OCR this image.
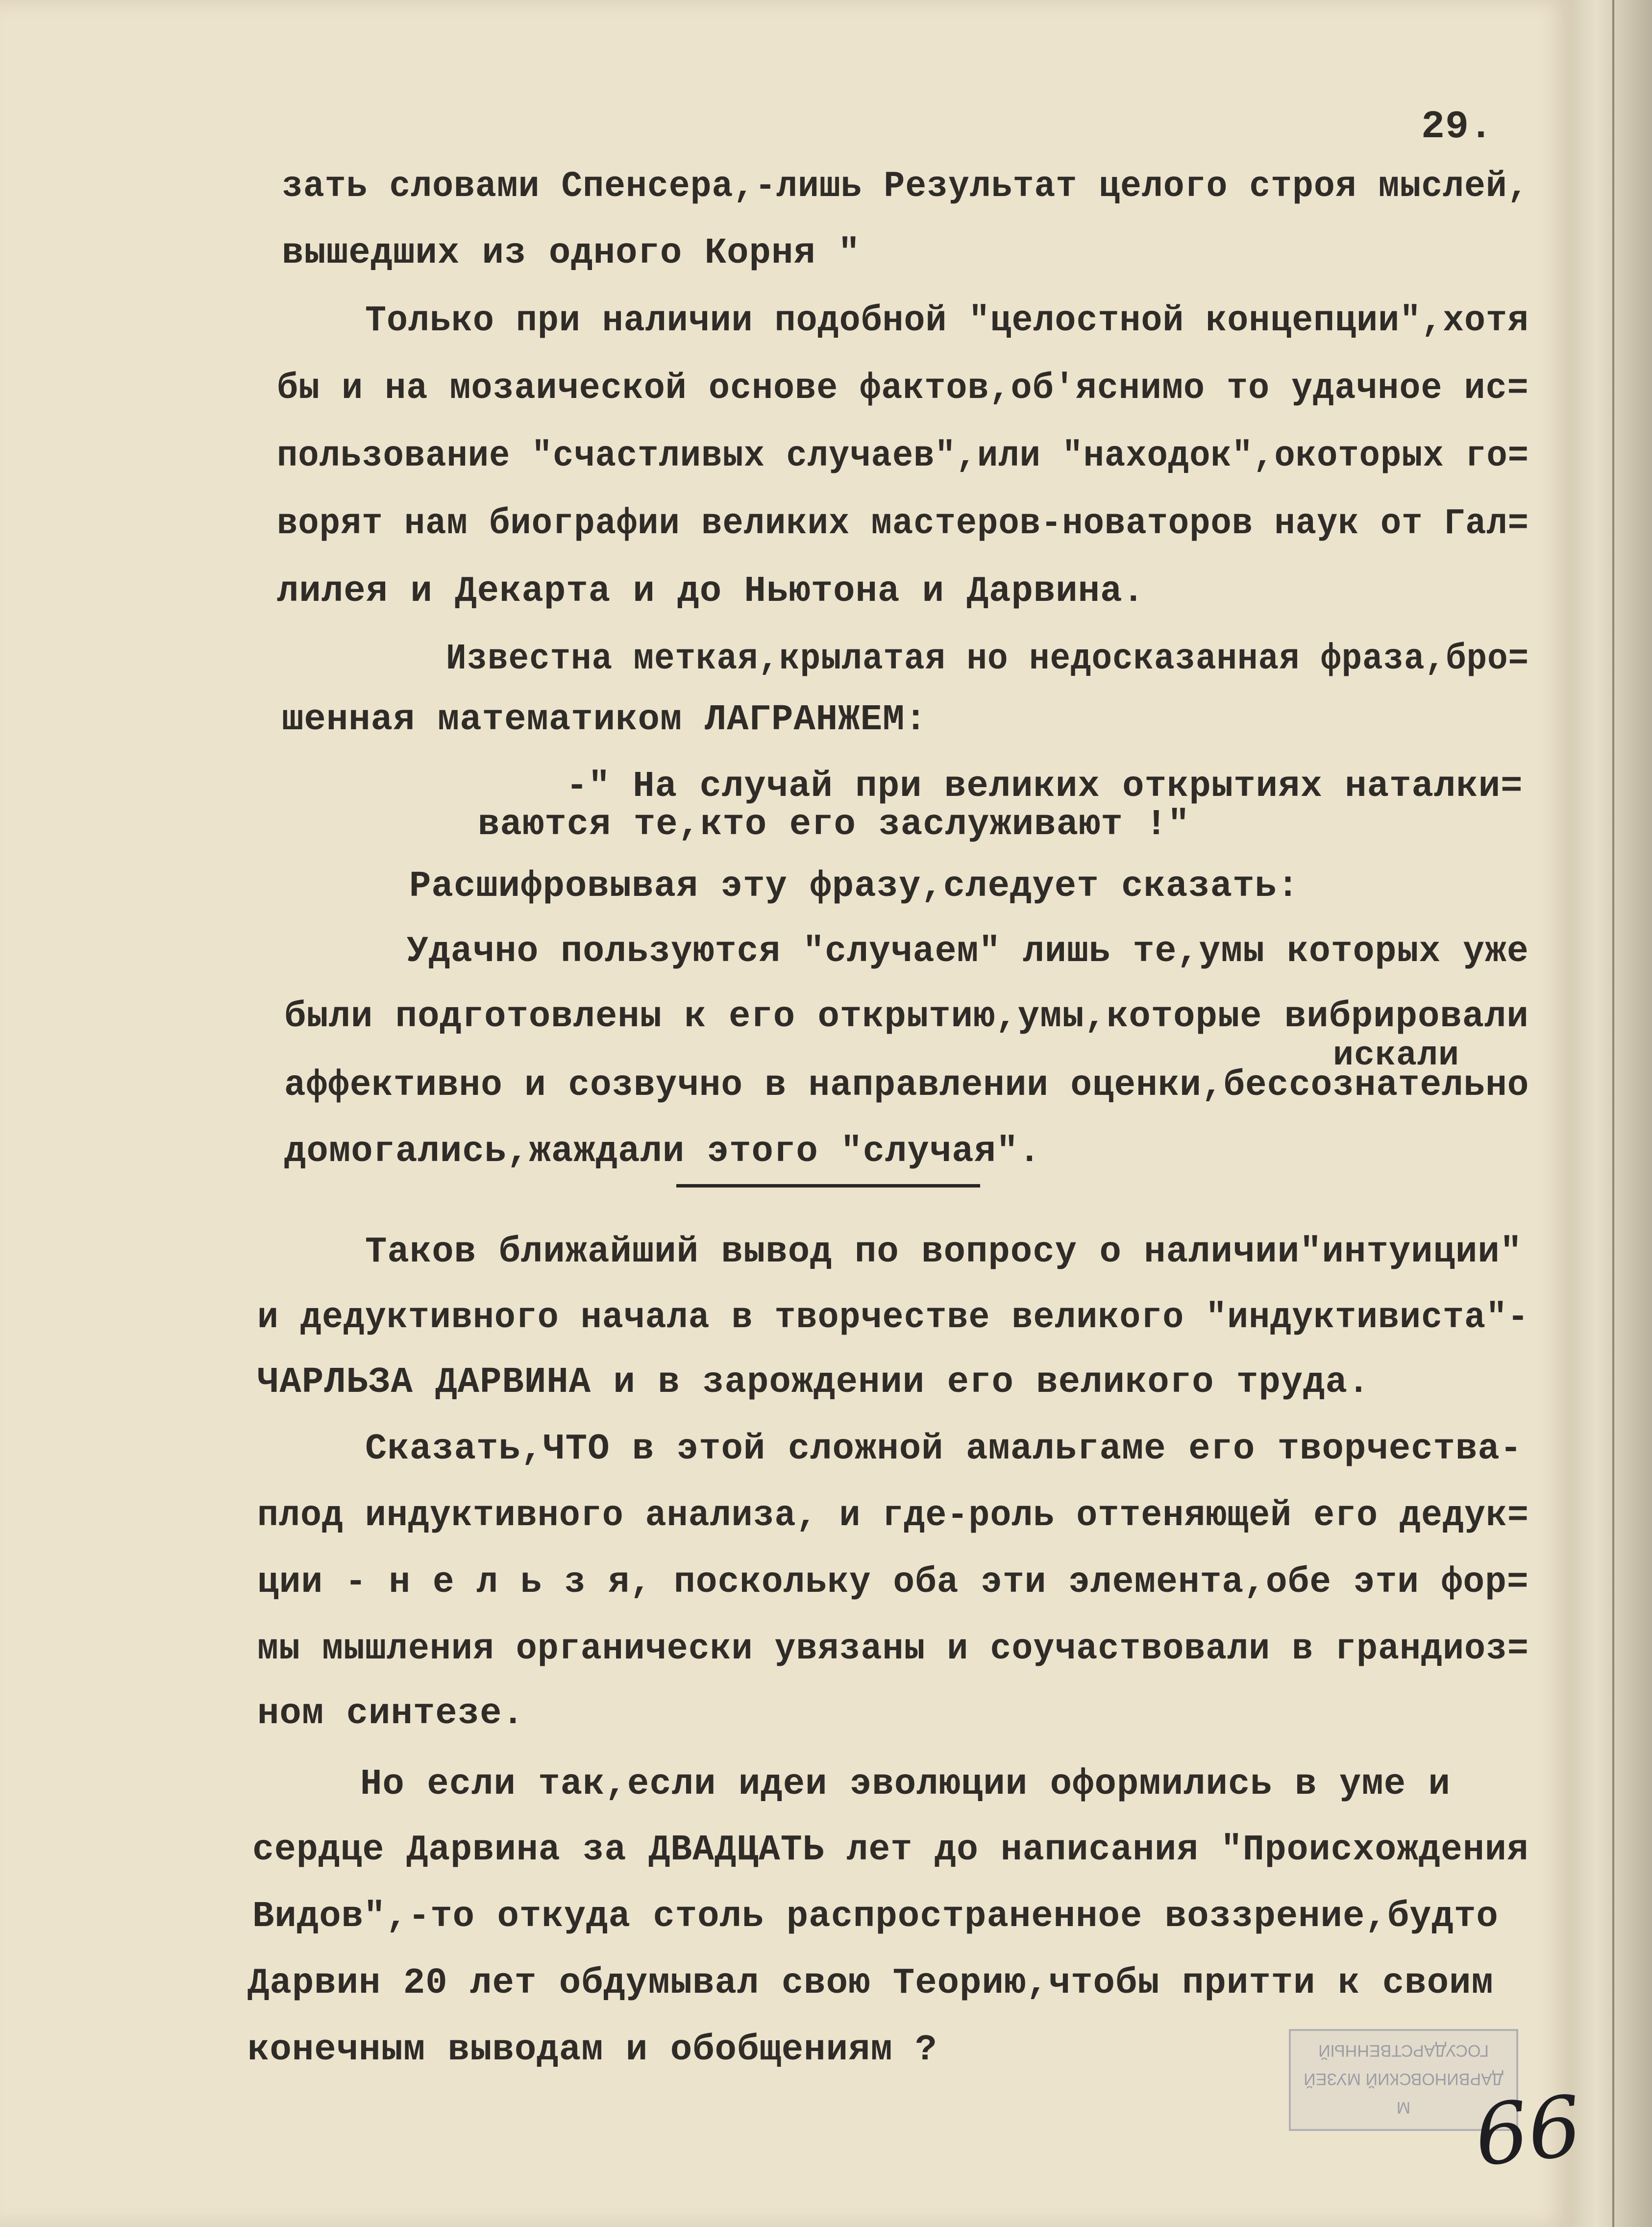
29.
зать словами Спенсера,-лишь Результат целого строя мыслей,
вышедших из одного Корня "
Только при наличии подобной "целостной концепции",хотя
бы и на мозаической основе фактов,об'яснимо то удачное ис=
пользование "счастливых случаев",или "находок",окоторых го=
ворят нам биографии великих мастеров-новаторов наук от Гал=
лилея и Декарта и до Ньютона и Дарвина.
Известна меткая,крылатая но недосказанная фраза,бро=
шенная математиком ЛАГРАНЖЕМ:
-" На случай при великих открытиях наталки=
ваются те,кто его заслуживают !"
Расшифровывая эту фразу,следует сказать:
Удачно пользуются "случаем" лишь те,умы которых уже
были подготовлены к его открытию,умы,которые вибрировали
искали
аффективно и созвучно в направлении оценки,бессознательно
домогались,жаждали этого "случая".
Таков ближайший вывод по вопросу о наличии"интуиции"
и дедуктивного начала в творчестве великого "индуктивиста"-
ЧАРЛЬЗА ДАРВИНА и в зарождении его великого труда.
Сказать,ЧТО в этой сложной амальгаме его творчества-
плод индуктивного анализа, и где-роль оттеняющей его дедук=
ции - н е л ь з я, поскольку оба эти элемента,обе эти фор=
мы мышления органически увязаны и соучаствовали в грандиоз=
ном синтезе.
Но если так,если идеи эволюции оформились в уме и
сердце Дарвина за ДВАДЦАТЬ лет до написания "Происхождения
Видов",-то откуда столь распространенное воззрение,будто
Дарвин 20 лет обдумывал свою Теорию,чтобы притти к своим
конечным выводам и обобщениям ?	ГОСУДАРСТВЕННЫЙ
ДАРВИНОВСКИЙ МУЗЕЙ
М 66
